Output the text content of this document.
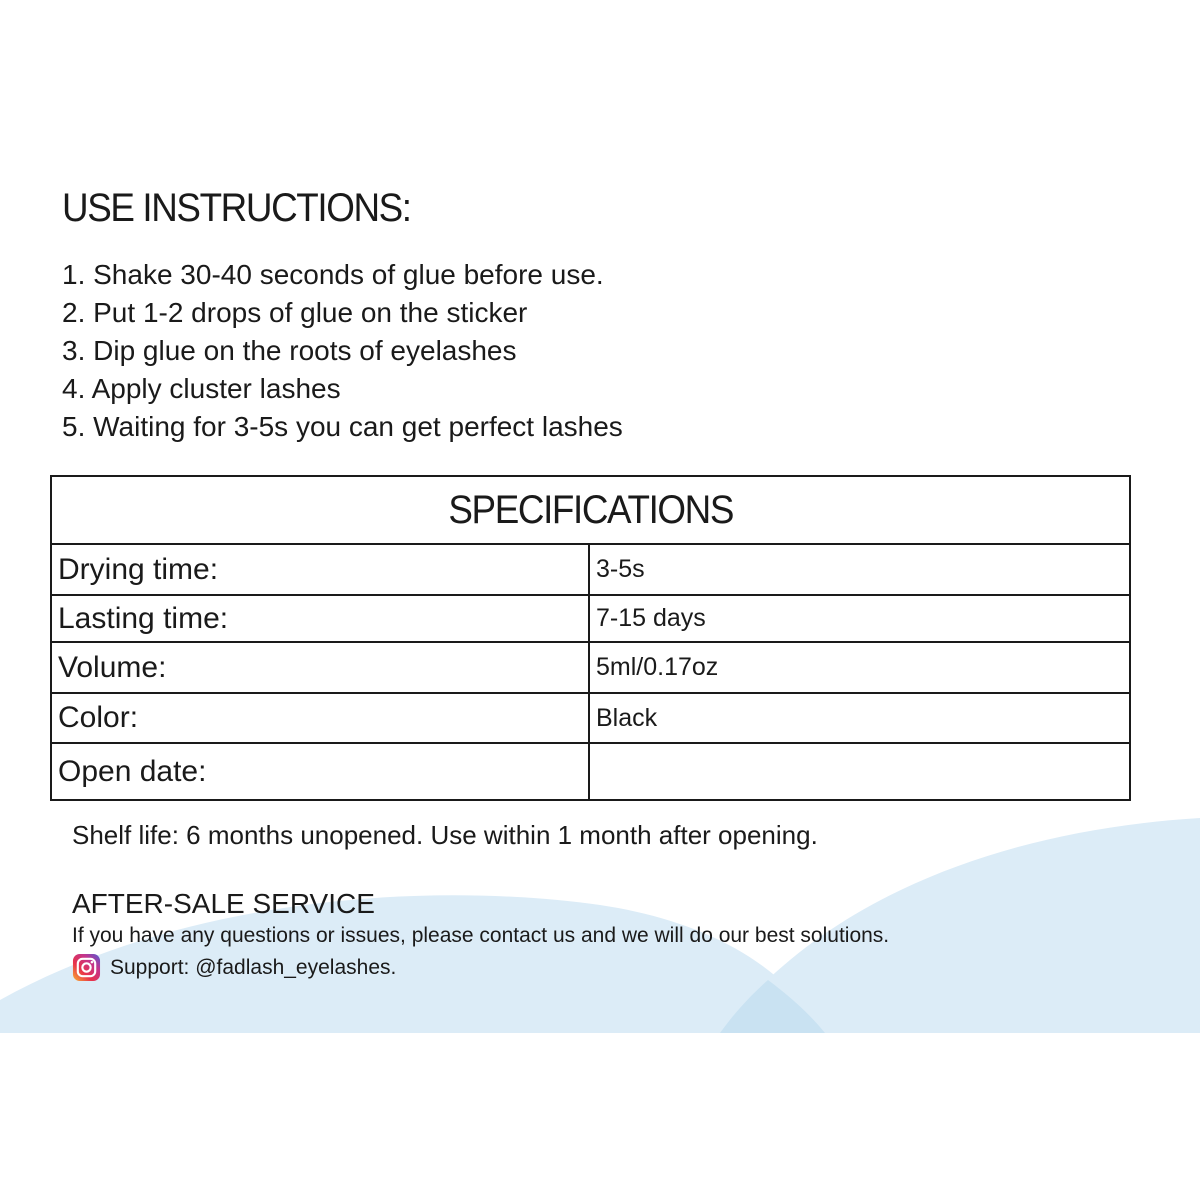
USE INSTRUCTIONS:
1. Shake 30-40 seconds of glue before use.
2. Put 1-2 drops of glue on the sticker
3. Dip glue on the roots of eyelashes
4. Apply cluster lashes
5. Waiting for 3-5s you can get perfect lashes
SPECIFICATIONS	
Drying time:	3-5s
Lasting time:	7-15 days
Volume:	5ml/0.17oz
Color:	Black
Open date:	

Shelf life: 6 months unopened. Use within 1 month after opening.

AFTER-SALE SERVICE

If you have any questions or issues, please contact us and we will do our best solutions.

Support: @fadlash_eyelashes.
